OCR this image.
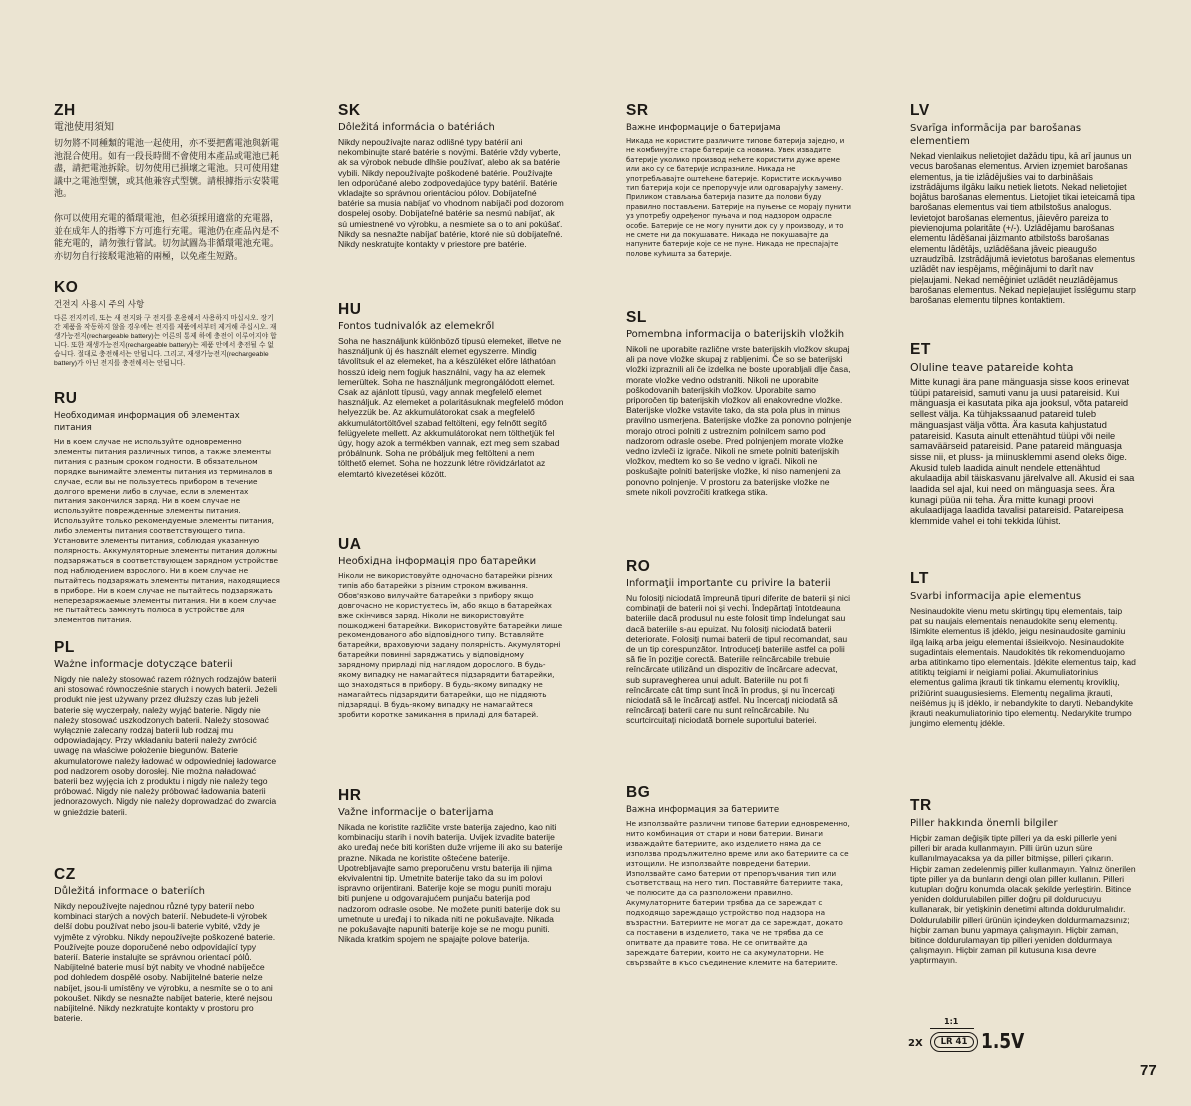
ZH
電池使用須知
切勿將不同種類的電池一起使用，亦不要把舊電池與新電池混合使用。如有一段長時間不會使用本產品或電池已耗盡，請把電池拆除。切勿使用已損壞之電池。只可使用建議中之電池型號，或其他兼容式型號。請根據指示安裝電池。

你可以使用充電的循環電池，但必須採用適當的充電器，並在成年人的指導下方可進行充電。電池仍在產品內是不能充電的，請勿強行嘗試。切勿試圖為非循環電池充電。亦切勿自行接駁電池箱的兩極，以免產生短路。
KO
건전지 사용시 주의 사항
다른 전지끼리, 또는 새 전지와 구 전지를 혼용해서 사용하지 마십시오. 장기간 제품을 작동하지 않을 경우에는 전지를 제품에서부터 제거해 주십시오. 재생가능전지(rechargeable battery)는 어른의 통제 하에 충전이 이루어지야 합니다. 또한 재생가능전지(rechargeable battery)는 제품 안에서 충전될 수 없습니다. 절대로 충전해서는 안됩니다. 그리고, 재생가능전지(rechargeable battery)가 아닌 전지를 충전해서는 안됩니다.
RU
Необходимая информация об элементах питания
Ни в коем случае не используйте одновременно элементы питания различных типов, а также элементы питания с разным сроком годности. В обязательном порядке вынимайте элементы питания из терминалов в случае, если вы не пользуетесь прибором в течение долгого времени либо в случае, если в элементах питания закончился заряд. Ни в коем случае не используйте поврежденные элементы питания. Используйте только рекомендуемые элементы питания, либо элементы питания соответствующего типа. Установите элементы питания, соблюдая указанную полярность. Аккумуляторные элементы питания должны подзаряжаться в соответствующем зарядном устройстве под наблюдением взрослого. Ни в коем случае не пытайтесь подзаряжать элементы питания, находящиеся в приборе. Ни в коем случае не пытайтесь подзаряжать неперезаряжаемые элементы питания. Ни в коем случае не пытайтесь замкнуть полюса в устройстве для элементов питания.
PL
Ważne informacje dotyczące baterii
Nigdy nie należy stosować razem różnych rodzajów baterii ani stosować równocześnie starych i nowych baterii. Jeżeli produkt nie jest używany przez dłuższy czas lub jeżeli baterie się wyczerpały, należy wyjąć baterie. Nigdy nie należy stosować uszkodzonych baterii. Należy stosować wyłącznie zalecany rodzaj baterii lub rodzaj mu odpowiadający. Przy wkładaniu baterii należy zwrócić uwagę na właściwe położenie biegunów. Baterie akumulatorowe należy ładować w odpowiedniej ładowarce pod nadzorem osoby dorosłej. Nie można naładować baterii bez wyjęcia ich z produktu i nigdy nie należy tego próbować. Nigdy nie należy próbować ładowania baterii jednorazowych. Nigdy nie należy doprowadzać do zwarcia w gnieździe baterii.
CZ
Důležitá informace o bateriích
Nikdy nepoužívejte najednou různé typy baterií nebo kombinaci starých a nových baterií. Nebudete-li výrobek delší dobu používat nebo jsou-li baterie vybité, vždy je vyjměte z výrobku. Nikdy nepoužívejte poškozené baterie. Používejte pouze doporučené nebo odpovídající typy baterií. Baterie instalujte se správnou orientací pólů. Nabíjitelné baterie musí být nabity ve vhodné nabíječce pod dohledem dospělé osoby. Nabíjitelné baterie nelze nabíjet, jsou-li umístěny ve výrobku, a nesmíte se o to ani pokoušet. Nikdy se nesnažte nabíjet baterie, které nejsou nabíjitelné. Nikdy nezkratujte kontakty v prostoru pro baterie.
SK
Dôležitá informácia o batériách
Nikdy nepoužívajte naraz odlišné typy batérií ani nekombinujte staré batérie s novými. Batérie vždy vyberte, ak sa výrobok nebude dlhšie používať, alebo ak sa batérie vybili. Nikdy nepoužívajte poškodené batérie. Používajte len odporúčané alebo zodpovedajúce typy batérií. Batérie vkladajte so správnou orientáciou pólov. Dobíjateľné batérie sa musia nabíjať vo vhodnom nabíjači pod dozorom dospelej osoby. Dobíjateľné batérie sa nesmú nabíjať, ak sú umiestnené vo výrobku, a nesmiete sa o to ani pokúšať. Nikdy sa nesnažte nabíjať batérie, ktoré nie sú dobíjateľné. Nikdy neskratujte kontakty v priestore pre batérie.
HU
Fontos tudnivalók az elemekről
Soha ne használjunk különböző típusú elemeket, illetve ne használjunk új és használt elemet egyszerre. Mindig távolítsuk el az elemeket, ha a készüléket előre láthatóan hosszú ideig nem fogjuk használni, vagy ha az elemek lemerültek. Soha ne használjunk megrongálódott elemet. Csak az ajánlott típusú, vagy annak megfelelő elemet használjuk. Az elemeket a polaritásuknak megfelelő módon helyezzük be. Az akkumulátorokat csak a megfelelő akkumulátortöltővel szabad feltölteni, egy felnőtt segítő felügyelete mellett. Az akkumulátorokat nem tölthetjük fel úgy, hogy azok a termékben vannak, ezt meg sem szabad próbálnunk. Soha ne próbáljuk meg feltölteni a nem tölthető elemet. Soha ne hozzunk létre rövidzárlatot az elemtartó kivezetései között.
UA
Необхідна інформація про батарейки
Ніколи не використовуйте одночасно батарейки різних типів або батарейки з різним строком вживання. Обов'язково вилучайте батарейки з прибору якщо довгочасно не користуєтесь їм, або якщо в батарейках вже скінчився заряд. Ніколи не використовуйте пошкоджені батарейки. Використовуйте батарейки лише рекомендованого або відповідного типу. Вставляйте батарейки, враховуючи задану полярність. Акумуляторні батарейки повинні заряджатись у відповідному зарядному прирладі під наглядом дорослого. В будь-якому випадку не намагайтеся підзарядити батарейки, що знаходяться в прибору. В будь-якому випадку не намагайтесь підзарядити батарейки, що не піддяють підзарядці. В будь-якому випадку не намагайтеся зробити коротке замикання в приладі для батарей.
HR
Važne informacije o baterijama
Nikada ne koristite različite vrste baterija zajedno, kao niti kombinaciju starih i novih baterija. Uvijek izvadite baterije ako uređaj neće biti korišten duže vrijeme ili ako su baterije prazne. Nikada ne koristite oštećene baterije. Upotrebljavajte samo preporučenu vrstu baterija ili njima ekvivalentni tip. Umetnite baterije tako da su im polovi ispravno orijentirani. Baterije koje se mogu puniti moraju biti punjene u odgovarajućem punjaču baterija pod nadzorom odrasle osobe. Ne možete puniti baterije dok su umetnute u uređaj i to nikada niti ne pokušavajte. Nikada ne pokušavajte napuniti baterije koje se ne mogu puniti. Nikada kratkim spojem ne spajajte polove baterija.
SR
Важне информације о батеријама
Никада не користите различите типове батерија заједно, и не комбинујте старе батерије са новима. Увек извадите батерије уколико производ нећете користити дуже време или ако су се батерије испразниле. Никада не употребљавајте оштећене батерије. Користите искључиво тип батерија који се препоручује или одговарајућу замену. Приликом стављања батерија пазите да полови буду правилно постављени. Батерије на пуњење се морају пунити уз употребу одређеног пуњача и под надзором одрасле особе. Батерије се не могу пунити док су у производу, и то не смете ни да покушавате. Никада не покушавајте да напуните батерије које се не пуне. Никада не преспајајте полове кућишта за батерије.
SL
Pomembna informacija o baterijskih vložkih
Nikoli ne uporabite različne vrste baterijskih vložkov skupaj ali pa nove vložke skupaj z rabljenimi. Če so se baterijski vložki izpraznili ali če izdelka ne boste uporabljali dlje časa, morate vložke vedno odstraniti. Nikoli ne uporabite poškodovanih baterijskih vložkov. Uporabite samo priporočen tip baterijskih vložkov ali enakovredne vložke. Baterijske vložke vstavite tako, da sta pola plus in minus pravilno usmerjena. Baterijske vložke za ponovno polnjenje morajo otroci polniti z ustreznim polnilcem samo pod nadzorom odrasle osebe. Pred polnjenjem morate vložke vedno izvleči iz igrače. Nikoli ne smete polniti baterijskih vložkov, medtem ko so še vedno v igrači. Nikoli ne poskušajte polniti baterijske vložke, ki niso namenjeni za ponovno polnjenje. V prostoru za baterijske vložke ne smete nikoli povzročiti kratkega stika.
RO
Informaţii importante cu privire la baterii
Nu folosiţi niciodată împreună tipuri diferite de baterii şi nici combinaţii de baterii noi şi vechi. Îndepărtaţi întotdeauna bateriile dacă produsul nu este folosit timp îndelungat sau dacă bateriile s-au epuizat. Nu folosiţi niciodată baterii deteriorate. Folosiţi numai baterii de tipul recomandat, sau de un tip corespunzător. Introduceţi bateriile astfel ca polii să fie în poziţie corectă. Bateriile reîncărcabile trebuie reîncărcate utilizând un dispozitiv de încărcare adecvat, sub supravegherea unui adult. Bateriile nu pot fi reîncărcate cât timp sunt încă în produs, şi nu încercaţi niciodată să le încărcaţi astfel. Nu încercaţi niciodată să reîncărcaţi baterii care nu sunt reîncărcabile. Nu scurtcircuitaţi niciodată bornele suportului bateriei.
BG
Важна информация за батериите
Не използвайте различни типове батерии едновременно, нито комбинация от стари и нови батерии. Винаги изваждайте батериите, ако изделието няма да се използва продължително време или ако батериите са се изтощили. Не използвайте повредени батерии. Използвайте само батерии от препоръчвания тип или съответстващ на него тип. Поставяйте батериите така, че полюсите да са разположени правилно. Акумулаторните батерии трябва да се зареждат с подходящо зареждащо устройство под надзора на възрастни. Батериите не могат да се зареждат, докато са поставени в изделието, така че не трябва да се опитвате да правите това. Не се опитвайте да зареждате батерии, които не са акумулаторни. Не свързвайте в късо съединение клемите на батериите.
LV
Svarīga informācija par barošanas elementiem
Nekad vienlaikus nelietojiet dažādu tipu, kā arī jaunus un vecus barošanas elementus. Arvien izņemiet barošanas elementus, ja tie izlādējušies vai to darbināšais izstrādājums ilgāku laiku netiek lietots. Nekad nelietojiet bojātus barošanas elementus. Lietojiet tikai ieteicamā tipa barošanas elementus vai tiem atbilstošus analogus. Ievietojot barošanas elementus, jāievēro pareiza to pievienojuma polaritāte (+/-). Uzlādējamu barošanas elementu lādēšanai jāizmanto atbilstošs barošanas elementu lādētājs, uzlādēšana jāveic pieaugušo uzraudzībā. Izstrādājumā ievietotus barošanas elementus uzlādēt nav iespējams, mēģinājumi to darīt nav pieļaujami. Nekad nemēģiniet uzlādēt neuzlādējamus barošanas elementus. Nekad nepieļaujiet īsslēgumu starp barošanas elementu tilpnes kontaktiem.
ET
Oluline teave patareide kohta
Mitte kunagi ära pane mänguasja sisse koos erinevat tüüpi patareisid, samuti vanu ja uusi patareisid. Kui mänguasja ei kasutata pika aja jooksul, võta patareid sellest välja. Ka tühjakssaanud patareid tuleb mänguasjast välja võtta. Ära kasuta kahjustatud patareisid. Kasuta ainult ettenähtud tüüpi või neile samaväärseid patareisid. Pane patareid mänguasja sisse nii, et pluss- ja miinusklemmi asend oleks õige. Akusid tuleb laadida ainult nendele ettenähtud akulaadija abil täiskasvanu järelvalve all. Akusid ei saa laadida sel ajal, kui need on mänguasja sees. Ära kunagi püüa nii teha. Ära mitte kunagi proovi akulaadijaga laadida tavalisi patareisid. Patareipesa klemmide vahel ei tohi tekkida lühist.
LT
Svarbi informacija apie elementus
Nesinaudokite vienu metu skirtingų tipų elementais, taip pat su naujais elementais nenaudokite senų elementų. Išimkite elementus iš įdėklo, jeigu nesinaudosite gaminiu ilgą laiką arba jeigu elementai išsieikvojo. Nesinaudokite sugadintais elementais. Naudokitės tik rekomenduojamo arba atitinkamo tipo elementais. Įdėkite elementus taip, kad atitiktų teigiami ir neigiami poliai. Akumuliatorinius elementus galima įkrauti tik tinkamu elementų kroviklių, prižiūrint suaugusiesiems. Elementų negalima įkrauti, neišėmus jų iš įdėklo, ir nebandykite to daryti. Nebandykite įkrauti neakumuliatorinio tipo elementų. Nedarykite trumpo jungimo elementų įdėkle.
TR
Piller hakkında önemli bilgiler
Hiçbir zaman değişik tipte pilleri ya da eski pillerle yeni pilleri bir arada kullanmayın. Pilli ürün uzun süre kullanılmayacaksa ya da piller bitmişse, pilleri çıkarın. Hiçbir zaman zedelenmiş piller kullanmayın. Yalnız önerilen tipte piller ya da bunların dengi olan piller kullanın. Pilleri kutupları doğru konumda olacak şekilde yerleştirin. Bitince yeniden doldurulabilen piller doğru pil doldurucuyu kullanarak, bir yetişkinin denetimi altında doldurulmalıdır. Doldurulabilir pilleri ürünün içindeyken doldurmamazsınız; hiçbir zaman bunu yapmaya çalışmayın. Hiçbir zaman, bitince doldurulamayan tip pilleri yeniden doldurmaya çalışmayın. Hiçbir zaman pil kutusuna kısa devre yaptırmayın.
1:1
2X	LR 41 1.5V
77
